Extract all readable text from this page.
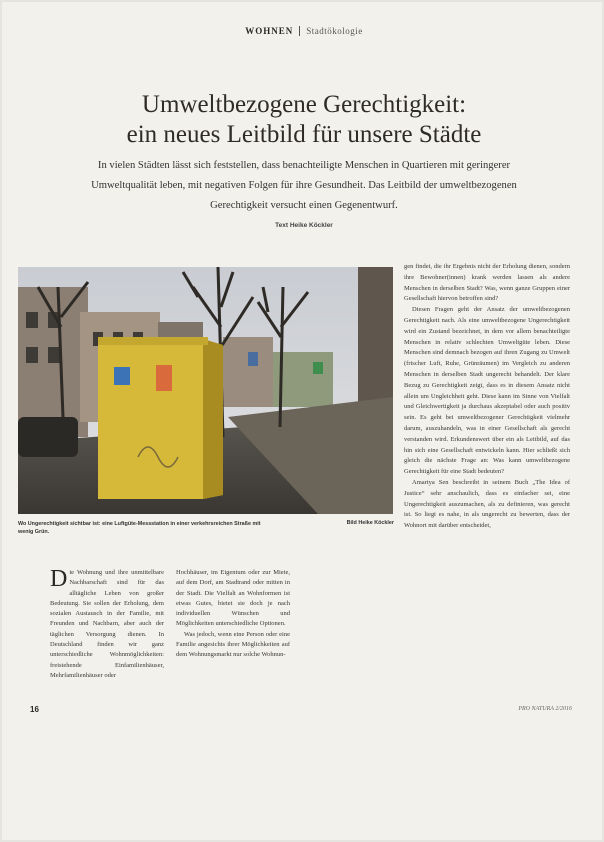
WOHNEN Stadtökologie
Umweltbezogene Gerechtigkeit:
ein neues Leitbild für unsere Städte
In vielen Städten lässt sich feststellen, dass benachteiligte Menschen in Quartieren mit geringerer Umweltqualität leben, mit negativen Folgen für ihre Gesundheit. Das Leitbild der umweltbezogenen Gerechtigkeit versucht einen Gegenentwurf.
Text Heike Köckler
Wo Ungerechtigkeit sichtbar ist: eine Luftgüte-Messstation in einer verkehrsreichen Straße mit wenig Grün.
Bild Heike Köckler
Die Wohnung und ihre unmittelbare Nachbarschaft sind für das alltägliche Leben von großer Bedeutung. Sie sollen der Erholung, dem sozialen Austausch in der Familie, mit Freunden und Nachbarn, aber auch der täglichen Versorgung dienen. In Deutschland finden wir ganz unterschiedliche Wohnmöglichkeiten: freistehende Einfamilienhäuser, Mehrfamilienhäuser oder

Hochhäuser, im Eigentum oder zur Miete, auf dem Dorf, am Stadtrand oder mitten in der Stadt. Die Vielfalt an Wohnformen ist etwas Gutes, bietet sie doch je nach individuellen Wünschen und Möglichkeiten unterschiedliche Optionen.

Was jedoch, wenn eine Person oder eine Familie angesichts ihrer Möglichkeiten auf dem Wohnungsmarkt nur solche Wohnun-

gen findet, die ihr Ergebnis nicht der Erholung dienen, sondern ihre Bewohner(innen) krank werden lassen als andere Menschen in derselben Stadt? Was, wenn ganze Gruppen einer Gesellschaft hiervon betroffen sind?

Diesen Fragen geht der Ansatz der umweltbezogenen Gerechtigkeit nach. Als eine umweltbezogene Ungerechtigkeit wird ein Zustand bezeichnet, in dem vor allem benachteiligte Menschen in relativ schlechten Umweltgüte leben. Diese Menschen sind demnach bezogen auf ihren Zugang zu Umwelt (frischer Luft, Ruhe, Grünräumen) im Vergleich zu anderen Menschen in derselben Stadt ungerecht behandelt. Der klare Bezug zu Gerechtigkeit zeigt, dass es in diesem Ansatz nicht allein um Ungleichheit geht. Diese kann im Sinne von Vielfalt und Gleichwertigkeit ja durchaus akzeptabel oder auch positiv sein. Es geht bei umweltbezogener Gerechtigkeit vielmehr darum, auszuhandeln, was in einer Gesellschaft als gerecht verstanden wird. Erkundenswert über ein als Leitbild, auf das hin sich eine Gesellschaft entwickeln kann. Hier schließt sich gleich die nächste Frage an: Was kann umweltbezogene Gerechtigkeit für eine Stadt bedeuten?

Amartya Sen beschreibt in seinem Buch „The Idea of Justice“ sehr anschaulich, dass es einfacher sei, eine Ungerechtigkeit auszumachen, als zu definieren, was gerecht ist. So liegt es nahe, in als ungerecht zu bewerten, dass der Wohnort mit darüber entscheidet,

16	PRO NATURA 2/2016
